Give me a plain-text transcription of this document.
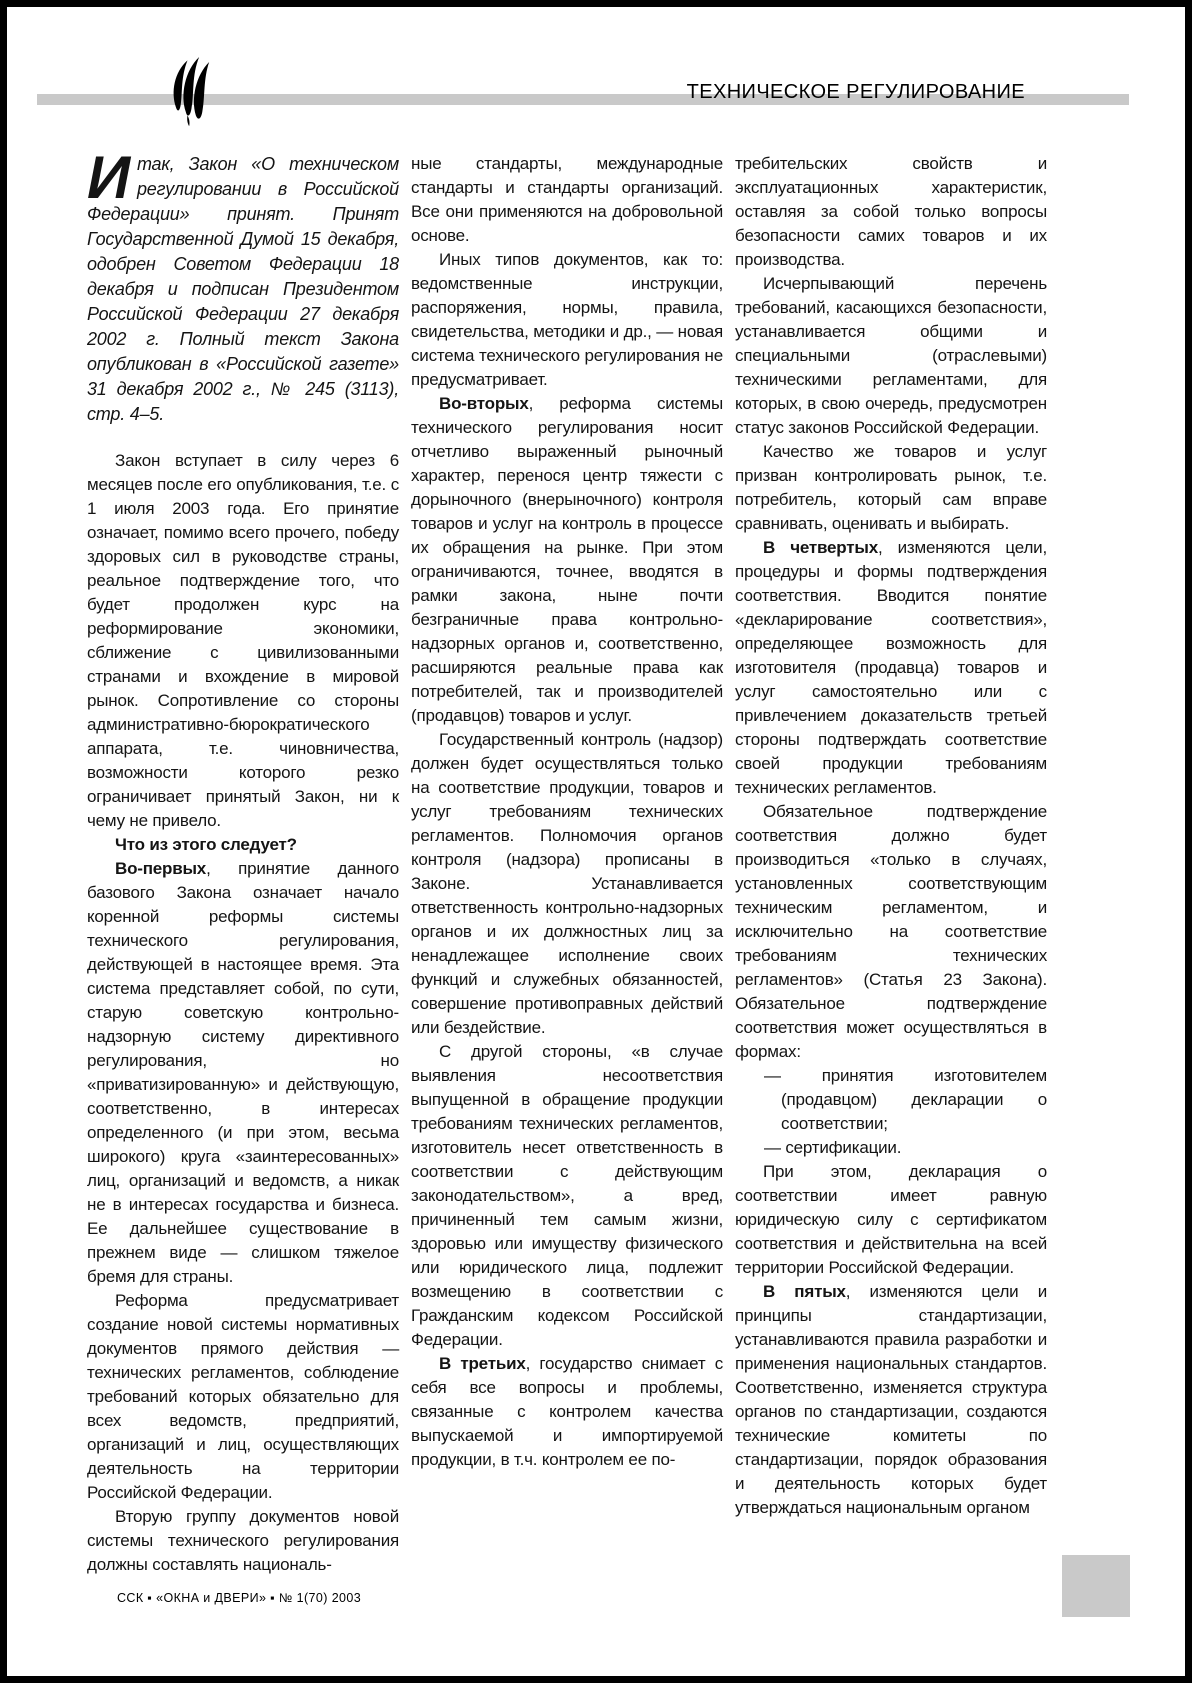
ТЕХНИЧЕСКОЕ РЕГУЛИРОВАНИЕ

Итак, Закон «О техническом регулировании в Российской Федерации» принят. Принят Государственной Думой 15 декабря, одобрен Советом Федерации 18 декабря и подписан Президентом Российской Федерации 27 декабря 2002 г. Полный текст Закона опубликован в «Российской газете» 31 декабря 2002 г., № 245 (3113), стр. 4–5.

Закон вступает в силу через 6 месяцев после его опубликования, т.е. с 1 июля 2003 года. Его принятие означает, помимо всего прочего, победу здоровых сил в руководстве страны, реальное подтверждение того, что будет продолжен курс на реформирование экономики, сближение с цивилизованными странами и вхождение в мировой рынок. Сопротивление со стороны административно-бюрократического аппарата, т.е. чиновничества, возможности которого резко ограничивает принятый Закон, ни к чему не привело.

Что из этого следует?

Во-первых, принятие данного базового Закона означает начало коренной реформы системы технического регулирования, действующей в настоящее время. Эта система представляет собой, по сути, старую советскую контрольно-надзорную систему директивного регулирования, но «приватизированную» и действующую, соответственно, в интересах определенного (и при этом, весьма широкого) круга «заинтересованных» лиц, организаций и ведомств, а никак не в интересах государства и бизнеса. Ее дальнейшее существование в прежнем виде — слишком тяжелое бремя для страны.

Реформа предусматривает создание новой системы нормативных документов прямого действия — технических регламентов, соблюдение требований которых обязательно для всех ведомств, предприятий, организаций и лиц, осуществляющих деятельность на территории Российской Федерации.

Вторую группу документов новой системы технического регулирования должны составлять националь-

ные стандарты, международные стандарты и стандарты организаций. Все они применяются на добровольной основе.

Иных типов документов, как то: ведомственные инструкции, распоряжения, нормы, правила, свидетельства, методики и др., — новая система технического регулирования не предусматривает.

Во-вторых, реформа системы технического регулирования носит отчетливо выраженный рыночный характер, перенося центр тяжести с дорыночного (внерыночного) контроля товаров и услуг на контроль в процессе их обращения на рынке. При этом ограничиваются, точнее, вводятся в рамки закона, ныне почти безграничные права контрольно-надзорных органов и, соответственно, расширяются реальные права как потребителей, так и производителей (продавцов) товаров и услуг.

Государственный контроль (надзор) должен будет осуществляться только на соответствие продукции, товаров и услуг требованиям технических регламентов. Полномочия органов контроля (надзора) прописаны в Законе. Устанавливается ответственность контрольно-надзорных органов и их должностных лиц за ненадлежащее исполнение своих функций и служебных обязанностей, совершение противоправных действий или бездействие.

С другой стороны, «в случае выявления несоответствия выпущенной в обращение продукции требованиям технических регламентов, изготовитель несет ответственность в соответствии с действующим законодательством», а вред, причиненный тем самым жизни, здоровью или имуществу физического или юридического лица, подлежит возмещению в соответствии с Гражданским кодексом Российской Федерации.

В третьих, государство снимает с себя все вопросы и проблемы, связанные с контролем качества выпускаемой и импортируемой продукции, в т.ч. контролем ее по-

требительских свойств и эксплуатационных характеристик, оставляя за собой только вопросы безопасности самих товаров и их производства.

Исчерпывающий перечень требований, касающихся безопасности, устанавливается общими и специальными (отраслевыми) техническими регламентами, для которых, в свою очередь, предусмотрен статус законов Российской Федерации.

Качество же товаров и услуг призван контролировать рынок, т.е. потребитель, который сам вправе сравнивать, оценивать и выбирать.

В четвертых, изменяются цели, процедуры и формы подтверждения соответствия. Вводится понятие «декларирование соответствия», определяющее возможность для изготовителя (продавца) товаров и услуг самостоятельно или с привлечением доказательств третьей стороны подтверждать соответствие своей продукции требованиям технических регламентов.

Обязательное подтверждение соответствия должно будет производиться «только в случаях, установленных соответствующим техническим регламентом, и исключительно на соответствие требованиям технических регламентов» (Статья 23 Закона). Обязательное подтверждение соответствия может осуществляться в формах:

— принятия изготовителем (продавцом) декларации о соответствии;

— сертификации.

При этом, декларация о соответствии имеет равную юридическую силу с сертификатом соответствия и действительна на всей территории Российской Федерации.

В пятых, изменяются цели и принципы стандартизации, устанавливаются правила разработки и применения национальных стандартов. Соответственно, изменяется структура органов по стандартизации, создаются технические комитеты по стандартизации, порядок образования и деятельность которых будет утверждаться национальным органом

ССК ▪ «ОКНА и ДВЕРИ» ▪ № 1(70) 2003
